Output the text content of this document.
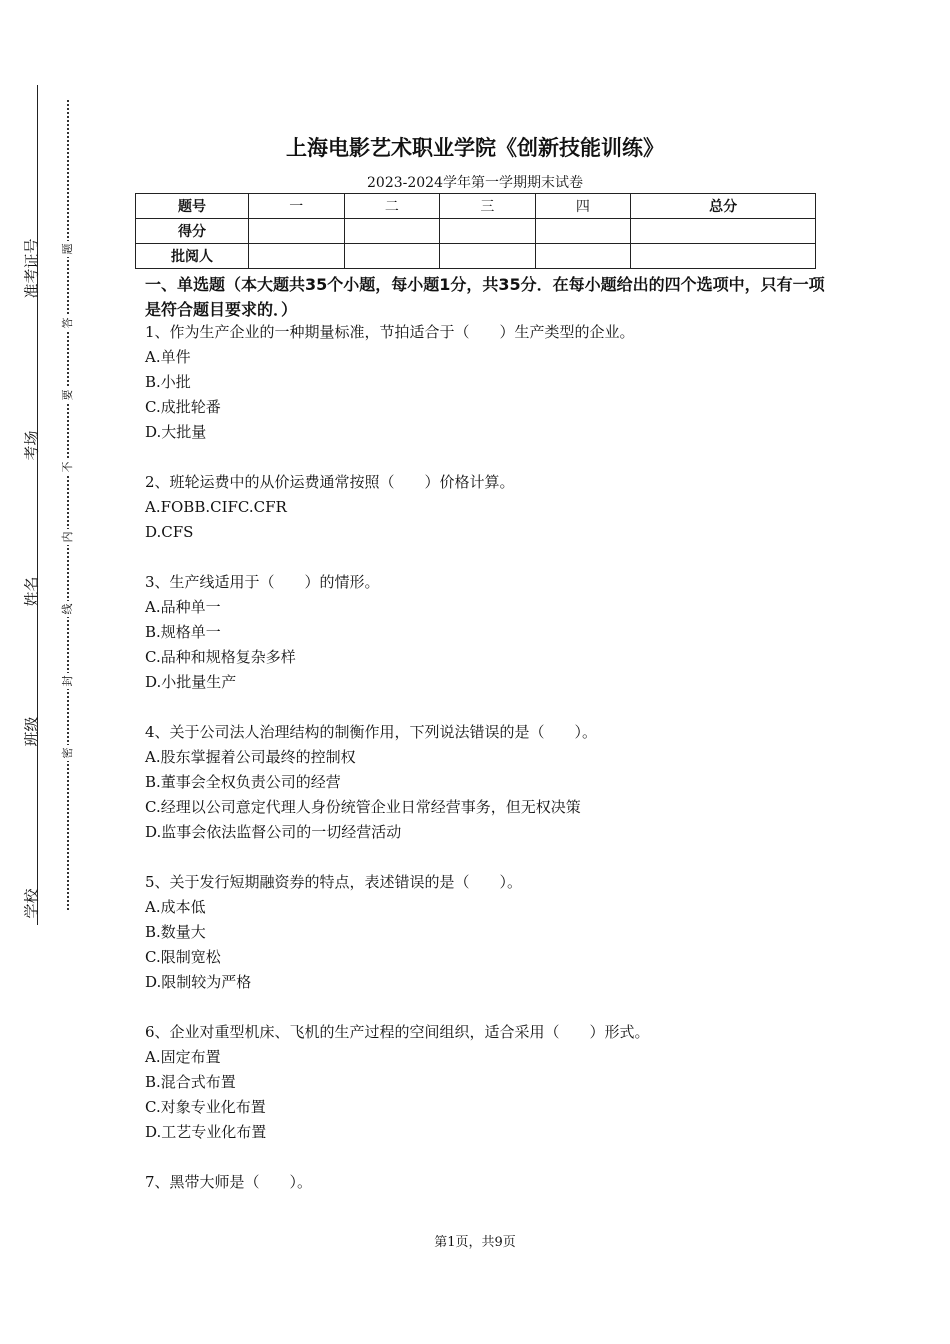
准考证号
考场
姓名
班级
学校
题
答
要
不
内
线
封
密
上海电影艺术职业学院《创新技能训练》
2023-2024学年第一学期期末试卷
题号	一	二	三	四	总分
得分					
批阅人					
一、单选题（本大题共35个小题，每小题1分，共35分．在每小题给出的四个选项中，只有一项是符合题目要求的．）
1、作为生产企业的一种期量标准，节拍适合于（　　）生产类型的企业。
A.单件
B.小批
C.成批轮番
D.大批量
2、班轮运费中的从价运费通常按照（　　）价格计算。
A.FOBB.CIFC.CFR
D.CFS
3、生产线适用于（　　）的情形。
A.品种单一
B.规格单一
C.品种和规格复杂多样
D.小批量生产
4、关于公司法人治理结构的制衡作用，下列说法错误的是（　　）。
A.股东掌握着公司最终的控制权
B.董事会全权负责公司的经营
C.经理以公司意定代理人身份统管企业日常经营事务，但无权决策
D.监事会依法监督公司的一切经营活动
5、关于发行短期融资券的特点，表述错误的是（　　）。
A.成本低
B.数量大
C.限制宽松
D.限制较为严格
6、企业对重型机床、飞机的生产过程的空间组织，适合采用（　　）形式。
A.固定布置
B.混合式布置
C.对象专业化布置
D.工艺专业化布置
7、黑带大师是（　　）。
第1页，共9页
